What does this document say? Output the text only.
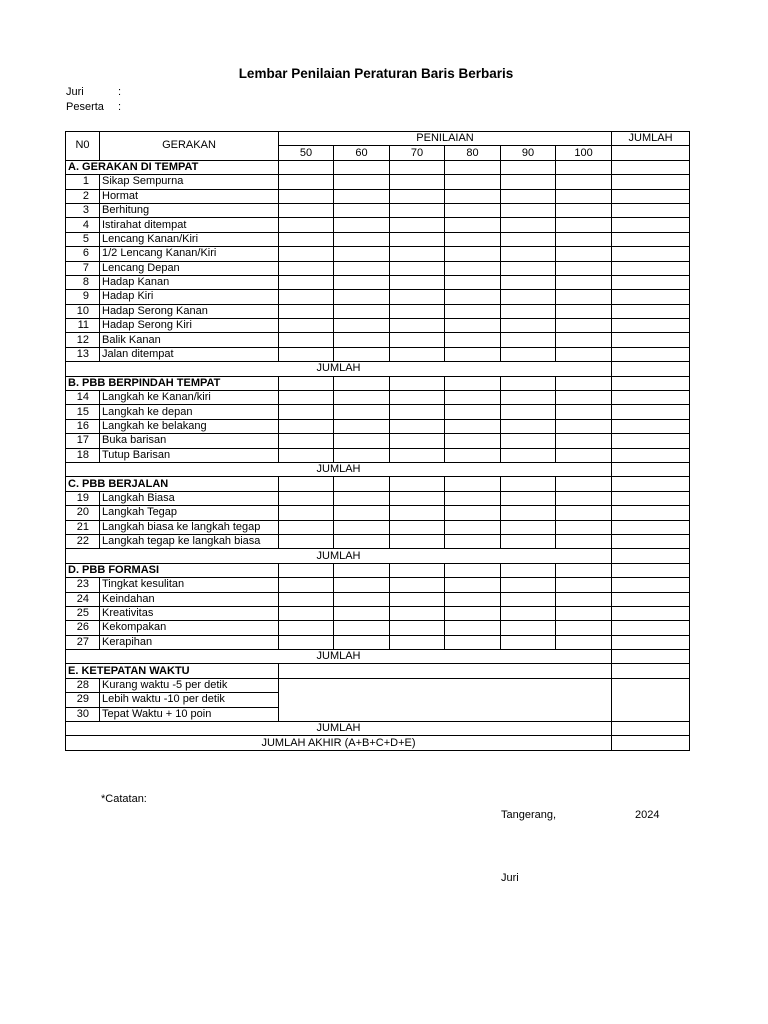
Lembar Penilaian Peraturan Baris Berbaris
Juri	:
Peserta :
N0	GERAKAN	PENILAIAN						JUMLAH
		50	60	70	80	90	100	
A. GERAKAN DI TEMPAT								
1	Sikap Sempurna							
2	Hormat							
3	Berhitung							
4	Istirahat ditempat							
5	Lencang Kanan/Kiri							
6	1/2 Lencang Kanan/Kiri							
7	Lencang Depan							
8	Hadap Kanan							
9	Hadap Kiri							
10	Hadap Serong Kanan							
11	Hadap Serong Kiri							
12	Balik Kanan							
13	Jalan ditempat							
JUMLAH								
B. PBB BERPINDAH TEMPAT								
14	Langkah ke Kanan/kiri							
15	Langkah ke depan							
16	Langkah ke belakang							
17	Buka barisan							
18	Tutup Barisan							
JUMLAH								
C. PBB BERJALAN								
19	Langkah Biasa							
20	Langkah Tegap							
21	Langkah biasa ke langkah tegap							
22	Langkah tegap ke langkah biasa							
JUMLAH								
D. PBB FORMASI								
23	Tingkat kesulitan							
24	Keindahan							
25	Kreativitas							
26	Kekompakan							
27	Kerapihan							
JUMLAH								
E. KETEPATAN WAKTU								
28	Kurang waktu -5 per detik							
29	Lebih waktu -10 per detik							
30	Tepat Waktu + 10 poin							
JUMLAH								
JUMLAH AKHIR (A+B+C+D+E)								
*Catatan:
Tangerang,	2024
Juri
